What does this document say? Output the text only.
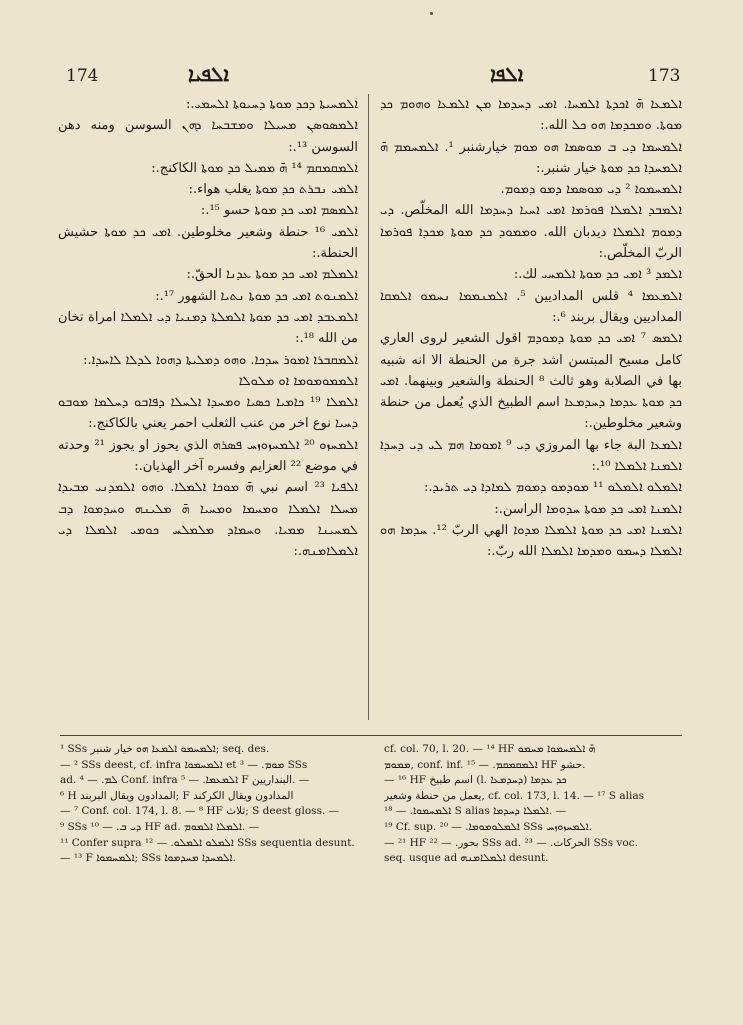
174	ܐܠܦܝܐ	ܐܠܦܐ	173

ܐܠܡܚܝܬܐ ܕܟܕ ܡܘܬܐ ܕܚܝܘܬܐ ܐܠܚܡܝ.:

ܐܠܡܣܘܣܢ ܡܚܝܠܐ ܘܡܫܒܚܐ ܕܗܢ السوسن ومنه دهن السوسن ¹³.:

ܐܠܡܩܡܩܡ ¹⁴ ܗ̄ ܡܡܝܠ ܟܕ ܡܘܬܐ الكاكنج.:

ܐܠܡܝ ܢܒܪܬ ܟܕ ܡܘܬܐ يغلب هواء.:

ܐܠܡܣܡ ܐܡܝ ܟܕ ܡܘܬܐ حسو ¹⁵.:

ܐܠܡܝ ¹⁶ حنطة وشعير مخلوطين. ܐܡܝ ܟܕ ܡܘܬܐ حشيش الحنطة.:

ܐܠܡܠܡ ܐܡܝ ܟܕ ܡܘܬܐ ܥܕܢܐ الحقّ.:

ܐܠܡܢܘܬ ܐܡܝ ܟܕ ܡܘܬܐ ܢܬܝܐ الشهور ¹⁷.:

ܐܠܡܥܒܕ ܐܡܝ ܟܕ ܡܘܬܐ ܐܠܡܠܬܐ ܕܡܢܝܐ ܕܝ ܐܠܡܠܐ امراة تخان من الله ¹⁸.:

ܐܠܡܩܒܪܐ ܐܡܘܪ ܚܕܟܐ. ܘܗܘ ܕܡܠܝܬܐ ܕܗܘܐ ܠܕܠܐ ܠܐܚܕܐ.:

ܐܠܡܡܘܡܘܡܐ ܐܘ ܡܠܘܠܐ

ܐܠܡܠܐ ¹⁹ ܟܐܡܝܐ ܟܣܝܐ ܘܡܚܕܐ ܐܠܚܠܐ ܕܦܐܒܘ ܕܚܠܡܐ ܡܘܒܘ ܕܚܝܐ نوع اخر من عنب الثعلب احمر يعني بالكاكنج.:

ܐܠܡܚܙܘ ²⁰ ܐܠܡܚܙܘܙܚ ܦܣܪܗ الذي يحوز او يجوز ²¹ وحدته في موضع ²² العزايم وفسره آخر الهذيان.:

ܐܠܦܝܐ ²³ اسم نبي ܗ̄ ܡܘܟܐ ܐܠܡܠܐ. ܘܗܘ ܐܠܡܕܢܝ ܡܒܝܕܐ ܡܚܠܐ ܐܠܡܠܐ ܘܡܚܡܐ ܘܡܚܝܐ ܗ̄ ܡܠܝܢܗ ܘܚܕܡܘܐ ܕܒ ܠܡܚܝܢܐ ܡܡܝܐ. ܘܚܡܐܕ ܡܠܡܠܚ ܟܘܡܝ ܐܠܡܠܐ ܕܝ ܐܠܡܠܐܡܢܗ.:

ܐܠܡܥܐ ܗ̄ ܐܟܕܬܐ ܐܠܡܚܐ. ܐܡܝ ܕܚܕܡܐ ܡܢ ܐܠܡܥܐ ܘܗܘܡ ܟܕ ܡܘܬܐ. ܘܡܟܕܡܐ ܗܘ ܟܠ الله.:

ܐܠܡܚܡܐ ܕܝ ܒ ܡܘܣܡܐ ܗܘ ܡܘܡ خيارشنبر ¹. ܐܠܡܚܡܡ ܗ̄ ܐܠܡܚܕܐ ܟܕ ܡܘܬܐ خيار شنبر.:

ܐܠܡܚܡܘܐ ² ܕܝ ܡܘܣܡܐ ܕܡܘ ܕܡܘܡ.

ܐܠܡܒܕ ܐܠܡܠܐ ܦܘܪܡܐ ܐܡܝ ܐܚܝܐ ܕܚܕܡܐ الله المخلّص. ܕܝ ܕܡܘܡ ܐܠܡܠܐ ديدبان الله. ܘܡܡܘܕ ܟܕ ܡܘܬܐ ܡܟܕܐ ܦܘܪܡܐ الربّ المخلّص.:

ܐܠܡܕ ³ ܐܡܝ ܟܕ ܡܘܬܐ ܐܠܡܚܝ لك.:

ܐܠܡܥܡܐ ⁴ قلس المداديين ⁵. ܐܠܡܢܡܡܐ ܢܚܡܘ ܐܠܡܩܐ المداديين ويقال بربند ⁶.:

ܐܠܡܣ ⁷ ܐܡܝ ܟܕ ܡܘܬܐ ܕܡܘܕܡ اقول الشعير لروى العاري كامل مسيح المبتسن اشد جرة من الحنطة الا انه شبيه بها في الصلابة وهو ثالث ⁸ الحنطة والشعير وبينهما. ܐܡܝ ܟܕ ܡܘܬܐ ܥܕܡܐ ܕܚܕܡܥܐ اسم الطبيخ الذي يُعمل من حنطة وشعير مخلوطين.:

ܐܠܡܥܐ البة جاء بها المروزي ܕܝ ⁹ ܐܡܘܡܐ ܗܡ ܠܝ ܕܝ ܕܚܕܐ ܐܠܡܢܐ ܐܠܡܠܐ ¹⁰.:

ܐܠܡܠܘ ܐܠܡܠܘ ¹¹ ܡܘܕܡܘ ܕܡܘܡ ܠܡܐܕܐ ܕܝ ܬܪܝܕ.:

ܐܠܡܢܐ ܐܡܝ ܟܕ ܡܘܬܐ ܚܕܘܡܐ الراسن.:

ܐܠܡܢܐ ܐܡܝ ܟܕ ܡܘܬܐ ܐܠܡܠܐ ܡܕܘܐ الهي الربّ ¹². ܚܕܡܐ ܗܘ ܐܠܡܠܐ ܕܚܡܘ ܘܡܕܡܐ ܐܠܡܠܐ الله ربّ.:

¹ SSs ܐܠܡܚܡܘ ܐܠܡܥܐ ܗܘ خيار شنبر; seq. des.

— ² SSs deest, cf. infra ܐܠܡܚܡܘܐ et ܡܘܡ. — ³ SSs

ad. ܠܡ. — ⁴ Conf. infra ܐܠܡܥܡܐ. — ⁵ F البنداريين. —

⁶ H المدادون ويقال البربند; F المدادون ويقال الكركند

— ⁷ Conf. col. 174, l. 8. — ⁸ HF ثلاث; S deest gloss. —

⁹ SSs ܕܝ ܒ. — ¹⁰ HF ad. ܐܠܡܠܐ ܐܠܡܘܡ. —

¹¹ Confer supra ܐܠܡܠܘ ܐܠܡܠܘ. — ¹² SSs sequentia desunt.

— ¹³ F ܐܠܡܚܡܘܐ; SSs ܐܠܡܚܕܐ ܡܚܕܡܘܐ.

cf. col. 70, l. 20. — ¹⁴ HF ܗ̄ ܐܠܡܚܡܘܐ ܡܚܡܘ

ܡܡܘܡ, conf. inf. ܐܠܡܩܡܩܡ. — ¹⁵ HF حشو.

— ¹⁶ HF اسم طبيخ (l. ܕܚܕܡܥܐ) ܟܕ ܥܕܡܐ

يعمل من حنطة وشعير, cf. col. 173, l. 14. — ¹⁷ S alias

ܐܠܡܚܡܘܐ. — ¹⁸ S alias ܐܠܡܠܐ ܕܚܕܡܐ. —

¹⁹ Cf. sup. ܐܠܡܠܘܡܘܡܐ. — ²⁰ SSs ܐܠܡܚܙܘܙܚ.

— ²¹ HF بحور. — ²² SSs ad. الحركات. — ²³ SSs voc.

seq. usque ad ܐܠܡܠܐܡܢܗ desunt.
